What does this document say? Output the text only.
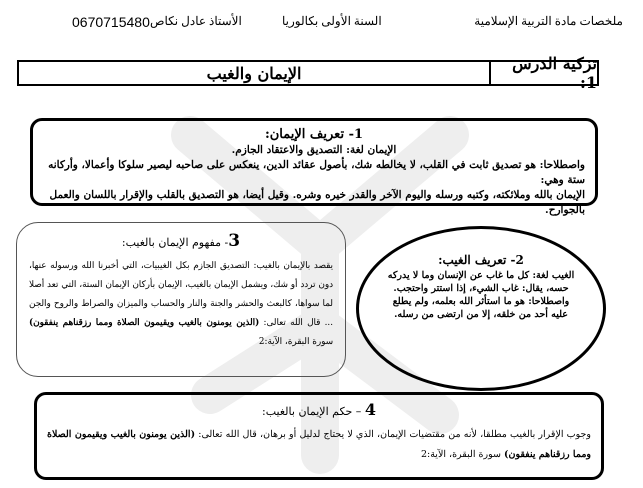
ملخصات مادة التربية الإسلامية
السنة الأولى بكالوريا
الأستاذ عادل نكاص
0670715480
تزكية الدرس 1:
الإيمان والغيب
1- تعريف الإيمان:

الإيمان لغة: التصديق والاعتقاد الجازم.

واصطلاحا: هو تصديق ثابت في القلب، لا يخالطه شك، بأصول عقائد الدين، ينعكس على صاحبه ليصير سلوكا وأعمالا، وأركانه ستة وهي:

الإيمان بالله وملائكته، وكتبه ورسله واليوم الآخر والقدر خيره وشره. وقيل أيضا، هو التصديق بالقلب والإقرار باللسان والعمل بالجوارح.

3- مفهوم الإيمان بالغيب:

يقصد بالإيمان بالغيب: التصديق الجازم بكل الغيبيات، التي أخبرنا الله ورسوله عنها، دون تردد أو شك، ويشمل الإيمان بالغيب، الإيمان بأركان الإيمان الستة، التي تعد أصلا لما سواها، كالبعث والحشر والجنة والنار والحساب والميزان والصراط والروح والجن ... قال الله تعالى: (الذين يومنون بالغيب ويقيمون الصلاة ومما رزقناهم ينفقون) سورة البقرة، الآية:2

2- تعريف الغيب:

الغيب لغة: كل ما غاب عن الإنسان وما لا يدركه حسه، يقال: غاب الشيء، إذا استتر واحتجب.

واصطلاحا: هو ما استأثر الله بعلمه، ولم يطلع عليه أحد من خلقه، إلا من ارتضى من رسله.

4 – حكم الإيمان بالغيب:

وجوب الإقرار بالغيب مطلقا، لأنه من مقتضيات الإيمان، الذي لا يحتاج لدليل أو برهان، قال الله تعالى: (الذين يومنون بالغيب ويقيمون الصلاة ومما رزقناهم ينفقون) سورة البقرة، الآية:2
